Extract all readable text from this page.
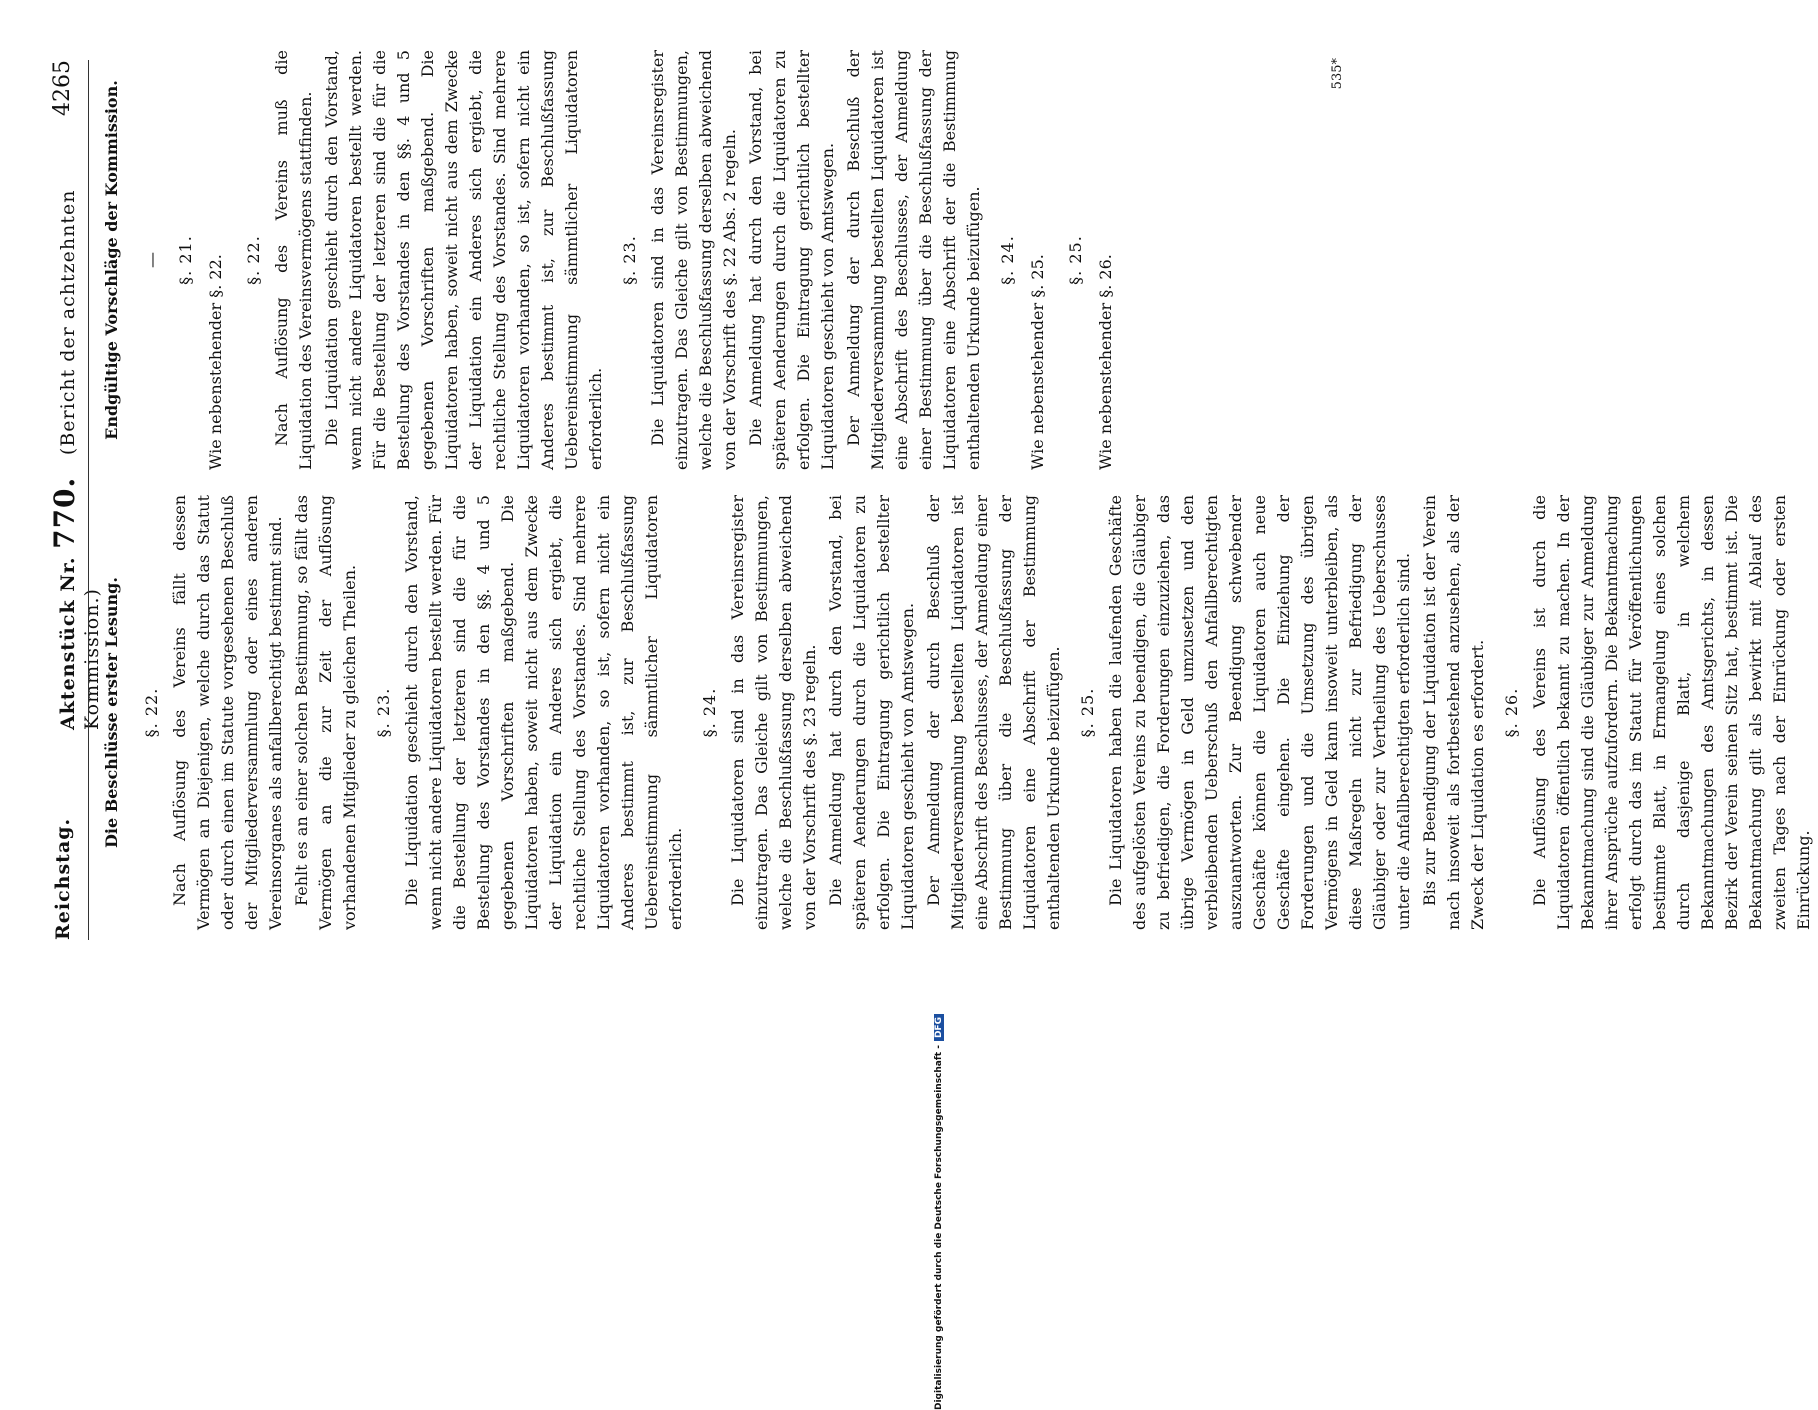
Reichstag.
Aktenstück Nr. 770. (Bericht der achtzehnten Kommission.)
4265
Die Beschlüsse erster Lesung. §. 22. Nach Auflösung des Vereins fällt dessen Vermögen an Diejenigen, welche durch das Statut oder durch einen im Statute vorgesehenen Beschluß der Mitgliederversammlung oder eines anderen Vereinsorganes als anfallberechtigt bestimmt sind. Fehlt es an einer solchen Bestimmung, so fällt das Vermögen an die zur Zeit der Auflösung vorhandenen Mitglieder zu gleichen Theilen. §. 23. Die Liquidation geschieht durch den Vorstand, wenn nicht andere Liquidatoren bestellt werden. Für die Bestellung der letzteren sind die für die Bestellung des Vorstandes in den §§. 4 und 5 gegebenen Vorschriften maßgebend. Die Liquidatoren haben, soweit nicht aus dem Zwecke der Liquidation ein Anderes sich ergiebt, die rechtliche Stellung des Vorstandes. Sind mehrere Liquidatoren vorhanden, so ist, sofern nicht ein Anderes bestimmt ist, zur Beschlußfassung Uebereinstimmung sämmtlicher Liquidatoren erforderlich.

§. 24. Die Liquidatoren sind in das Vereinsregister einzutragen. Das Gleiche gilt von Bestimmungen, welche die Beschlußfassung derselben abweichend von der Vorschrift des §. 23 regeln. Die Anmeldung hat durch den Vorstand, bei späteren Aenderungen durch die Liquidatoren zu erfolgen. Die Eintragung gerichtlich bestellter Liquidatoren geschieht von Amtswegen. Der Anmeldung der durch Beschluß der Mitgliederversammlung bestellten Liquidatoren ist eine Abschrift des Beschlusses, der Anmeldung einer Bestimmung über die Beschlußfassung der Liquidatoren eine Abschrift der Bestimmung enthaltenden Urkunde beizufügen. §. 25. Die Liquidatoren haben die laufenden Geschäfte des aufgelösten Vereins zu beendigen, die Gläubiger zu befriedigen, die Forderungen einzuziehen, das übrige Vermögen in Geld umzusetzen und den verbleibenden Ueberschuß den Anfallberechtigten auszuantworten. Zur Beendigung schwebender Geschäfte können die Liquidatoren auch neue Geschäfte eingehen. Die Einziehung der Forderungen und die Umsetzung des übrigen Vermögens in Geld kann insoweit unterbleiben, als diese Maßregeln nicht zur Befriedigung der Gläubiger oder zur Vertheilung des Ueberschusses unter die Anfallberechtigten erforderlich sind. Bis zur Beendigung der Liquidation ist der Verein nach insoweit als fortbestehend anzusehen, als der Zweck der Liquidation es erfordert. §. 26. Die Auflösung des Vereins ist durch die Liquidatoren öffentlich bekannt zu machen. In der Bekanntmachung sind die Gläubiger zur Anmeldung ihrer Ansprüche aufzufordern. Die Bekanntmachung erfolgt durch das im Statut für Veröffentlichungen bestimmte Blatt, in Ermangelung eines solchen durch dasjenige Blatt, in welchem Bekanntmachungen des Amtsgerichts, in dessen Bezirk der Verein seinen Sitz hat, bestimmt ist. Die Bekanntmachung gilt als bewirkt mit Ablauf des zweiten Tages nach der Einrückung oder ersten Einrückung.

Endgültige Vorschläge der Kommission. — §. 21. Wie nebenstehender §. 22. §. 22. Nach Auflösung des Vereins muß die Liquidation des Vereinsvermögens stattfinden. Die Liquidation geschieht durch den Vorstand, wenn nicht andere Liquidatoren bestellt werden. Für die Bestellung der letzteren sind die für die Bestellung des Vorstandes in den §§. 4 und 5 gegebenen Vorschriften maßgebend. Die Liquidatoren haben, soweit nicht aus dem Zwecke der Liquidation ein Anderes sich ergiebt, die rechtliche Stellung des Vorstandes. Sind mehrere Liquidatoren vorhanden, so ist, sofern nicht ein Anderes bestimmt ist, zur Beschlußfassung Uebereinstimmung sämmtlicher Liquidatoren erforderlich.

§. 23. Die Liquidatoren sind in das Vereinsregister einzutragen. Das Gleiche gilt von Bestimmungen, welche die Beschlußfassung derselben abweichend von der Vorschrift des §. 22 Abs. 2 regeln. Die Anmeldung hat durch den Vorstand, bei späteren Aenderungen durch die Liquidatoren zu erfolgen. Die Eintragung gerichtlich bestellter Liquidatoren geschieht von Amtswegen. Der Anmeldung der durch Beschluß der Mitgliederversammlung bestellten Liquidatoren ist eine Abschrift des Beschlusses, der Anmeldung einer Bestimmung über die Beschlußfassung der Liquidatoren eine Abschrift der die Bestimmung enthaltenden Urkunde beizufügen. §. 24. Wie nebenstehender §. 25. §. 25. Wie nebenstehender §. 26.
535*
Digitalisierung gefördert durch die Deutsche Forschungsgemeinschaft -
DFG
